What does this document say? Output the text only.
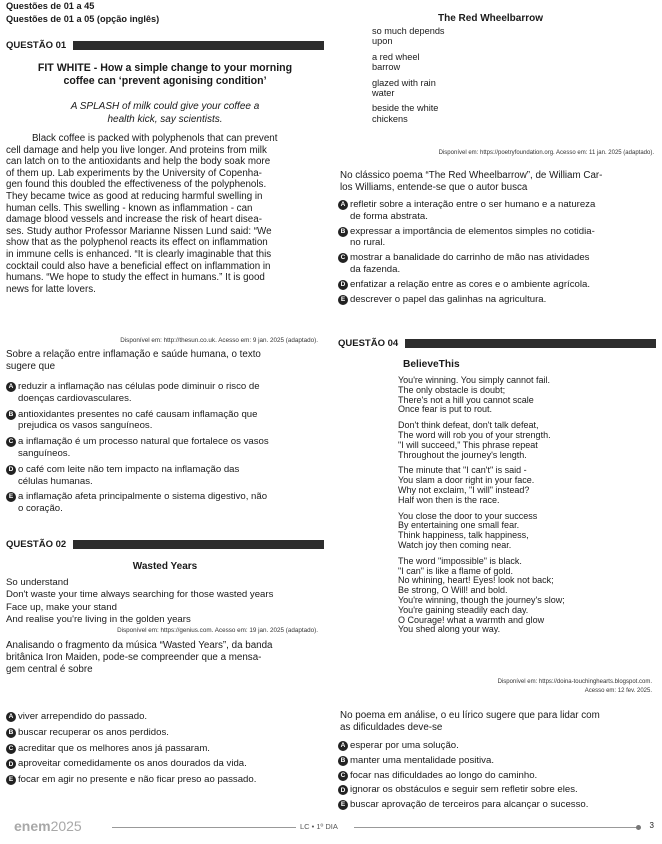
Questões de 01 a 45
Questões de 01 a 05 (opção inglês)
QUESTÃO 01
FIT WHITE - How a simple change to your morning
coffee can ‘prevent agonising condition’
A SPLASH of milk could give your coffee a
health kick, say scientists.
Black coffee is packed with polyphenols that can prevent
cell damage and help you live longer. And proteins from milk
can latch on to the antioxidants and help the body soak more
of them up. Lab experiments by the University of Copenha-
gen found this doubled the effectiveness of the polyphenols.
They became twice as good at reducing harmful swelling in
human cells. This swelling - known as inflammation - can
damage blood vessels and increase the risk of heart disea-
ses. Study author Professor Marianne Nissen Lund said: “We
show that as the polyphenol reacts its effect on inflammation
in immune cells is enhanced. “It is clearly imaginable that this
cocktail could also have a beneficial effect on inflammation in
humans. “We hope to study the effect in humans.” It is good
news for latte lovers.
Disponível em: http://thesun.co.uk. Acesso em: 9 jan. 2025 (adaptado).
Sobre a relação entre inflamação e saúde humana, o texto
sugere que
A reduzir a inflamação nas células pode diminuir o risco de
doenças cardiovasculares.
B antioxidantes presentes no café causam inflamação que
prejudica os vasos sanguíneos.
C a inflamação é um processo natural que fortalece os vasos
sanguíneos.
D o café com leite não tem impacto na inflamação das
células humanas.
E a inflamação afeta principalmente o sistema digestivo, não
o coração.
QUESTÃO 02
Wasted Years
So understand
Don't waste your time always searching for those wasted years
Face up, make your stand
And realise you're living in the golden years
Disponível em: https://genius.com. Acesso em: 19 jan. 2025 (adaptado).
Analisando o fragmento da música “Wasted Years”, da banda
britânica Iron Maiden, pode-se compreender que a mensa-
gem central é sobre
A viver arrependido do passado.
B buscar recuperar os anos perdidos.
C acreditar que os melhores anos já passaram.
D aproveitar comedidamente os anos dourados da vida.
E focar em agir no presente e não ficar preso ao passado.
The Red Wheelbarrow
so much depends
upon
a red wheel
barrow
glazed with rain
water
beside the white
chickens
Disponível em: https://poetryfoundation.org. Acesso em: 11 jan. 2025 (adaptado).
No clássico poema “The Red Wheelbarrow”, de William Car-
los Williams, entende-se que o autor busca
A refletir sobre a interação entre o ser humano e a natureza
de forma abstrata.
B expressar a importância de elementos simples no cotidia-
no rural.
C mostrar a banalidade do carrinho de mão nas atividades
da fazenda.
D enfatizar a relação entre as cores e o ambiente agrícola.
E descrever o papel das galinhas na agricultura.
QUESTÃO 04
BelieveThis
You're winning. You simply cannot fail.
The only obstacle is doubt;
There's not a hill you cannot scale
Once fear is put to rout.
Don't think defeat, don't talk defeat,
The word will rob you of your strength.
"I will succeed," This phrase repeat
Throughout the journey's length.
The minute that "I can't" is said -
You slam a door right in your face.
Why not exclaim, "I will" instead?
Half won then is the race.
You close the door to your success
By entertaining one small fear.
Think happiness, talk happiness,
Watch joy then coming near.
The word "impossible" is black.
"I can" is like a flame of gold.
No whining, heart! Eyes! look not back;
Be strong, O Will! and bold.
You're winning, though the journey's slow;
You're gaining steadily each day.
O Courage! what a warmth and glow
You shed along your way.
Disponível em: https://doina-touchinghearts.blogspot.com.
Acesso em: 12 fev. 2025.
No poema em análise, o eu lírico sugere que para lidar com
as dificuldades deve-se
A esperar por uma solução.
B manter uma mentalidade positiva.
C focar nas dificuldades ao longo do caminho.
D ignorar os obstáculos e seguir sem refletir sobre eles.
E buscar aprovação de terceiros para alcançar o sucesso.
enem2025	LC • 1º DIA	3
